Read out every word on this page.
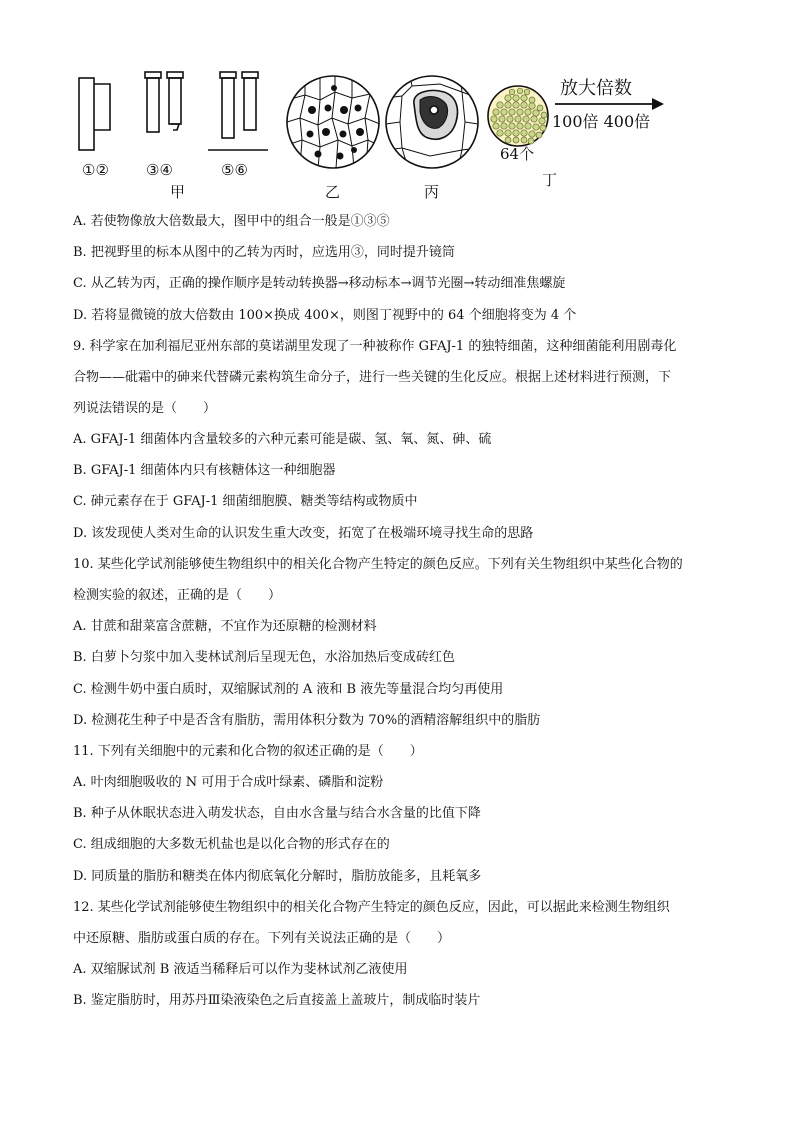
①② ③④	⑤⑥
甲	乙	丙
64个
丁
放大倍数
100倍 400倍
A. 若使物像放大倍数最大，图甲中的组合一般是①③⑤
B. 把视野里的标本从图中的乙转为丙时，应选用③，同时提升镜筒
C. 从乙转为丙，正确的操作顺序是转动转换器→移动标本→调节光圈→转动细准焦螺旋
D. 若将显微镜的放大倍数由 100×换成 400×，则图丁视野中的 64 个细胞将变为 4 个
9. 科学家在加利福尼亚州东部的莫诺湖里发现了一种被称作 GFAJ-1 的独特细菌，这种细菌能利用剧毒化
合物——砒霜中的砷来代替磷元素构筑生命分子，进行一些关键的生化反应。根据上述材料进行预测，下
列说法错误的是（　　）
A. GFAJ-1 细菌体内含量较多的六种元素可能是碳、氢、氧、氮、砷、硫
B. GFAJ-1 细菌体内只有核糖体这一种细胞器
C. 砷元素存在于 GFAJ-1 细菌细胞膜、糖类等结构或物质中
D. 该发现使人类对生命的认识发生重大改变，拓宽了在极端环境寻找生命的思路
10. 某些化学试剂能够使生物组织中的相关化合物产生特定的颜色反应。下列有关生物组织中某些化合物的
检测实验的叙述，正确的是（　　）
A. 甘蔗和甜菜富含蔗糖，不宜作为还原糖的检测材料
B. 白萝卜匀浆中加入斐林试剂后呈现无色，水浴加热后变成砖红色
C. 检测牛奶中蛋白质时，双缩脲试剂的 A 液和 B 液先等量混合均匀再使用
D. 检测花生种子中是否含有脂肪，需用体积分数为 70%的酒精溶解组织中的脂肪
11. 下列有关细胞中的元素和化合物的叙述正确的是（　　）
A. 叶肉细胞吸收的 N 可用于合成叶绿素、磷脂和淀粉
B. 种子从休眠状态进入萌发状态，自由水含量与结合水含量的比值下降
C. 组成细胞的大多数无机盐也是以化合物的形式存在的
D. 同质量的脂肪和糖类在体内彻底氧化分解时，脂肪放能多，且耗氧多
12. 某些化学试剂能够使生物组织中的相关化合物产生特定的颜色反应，因此，可以据此来检测生物组织
中还原糖、脂肪或蛋白质的存在。下列有关说法正确的是（　　）
A. 双缩脲试剂 B 液适当稀释后可以作为斐林试剂乙液使用
B. 鉴定脂肪时，用苏丹Ⅲ染液染色之后直接盖上盖玻片，制成临时装片
